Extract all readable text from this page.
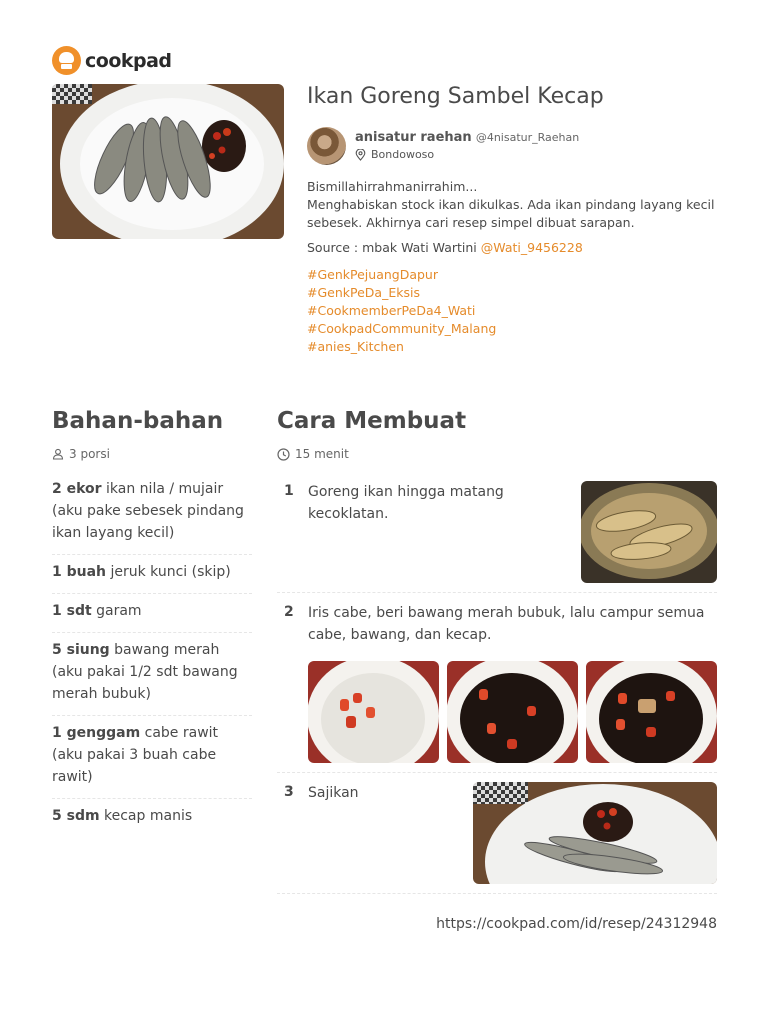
cookpad
Ikan Goreng Sambel Kecap
anisatur raehan @4nisatur_Raehan
Bondowoso
Bismillahirrahmanirrahim...
Menghabiskan stock ikan dikulkas. Ada ikan pindang layang kecil sebesek. Akhirnya cari resep simpel dibuat sarapan.
Source : mbak Wati Wartini @Wati_9456228
#GenkPejuangDapur
#GenkPeDa_Eksis
#CookmemberPeDa4_Wati
#CookpadCommunity_Malang
#anies_Kitchen
Bahan-bahan
3 porsi
2 ekor ikan nila / mujair (aku pake sebesek pindang ikan layang kecil)
1 buah jeruk kunci (skip)
1 sdt garam
5 siung bawang merah (aku pakai 1/2 sdt bawang merah bubuk)
1 genggam cabe rawit (aku pakai 3 buah cabe rawit)
5 sdm kecap manis
Cara Membuat
15 menit
1 Goreng ikan hingga matang kecoklatan.
2 Iris cabe, beri bawang merah bubuk, lalu campur semua cabe, bawang, dan kecap.
3 Sajikan
https://cookpad.com/id/resep/24312948
